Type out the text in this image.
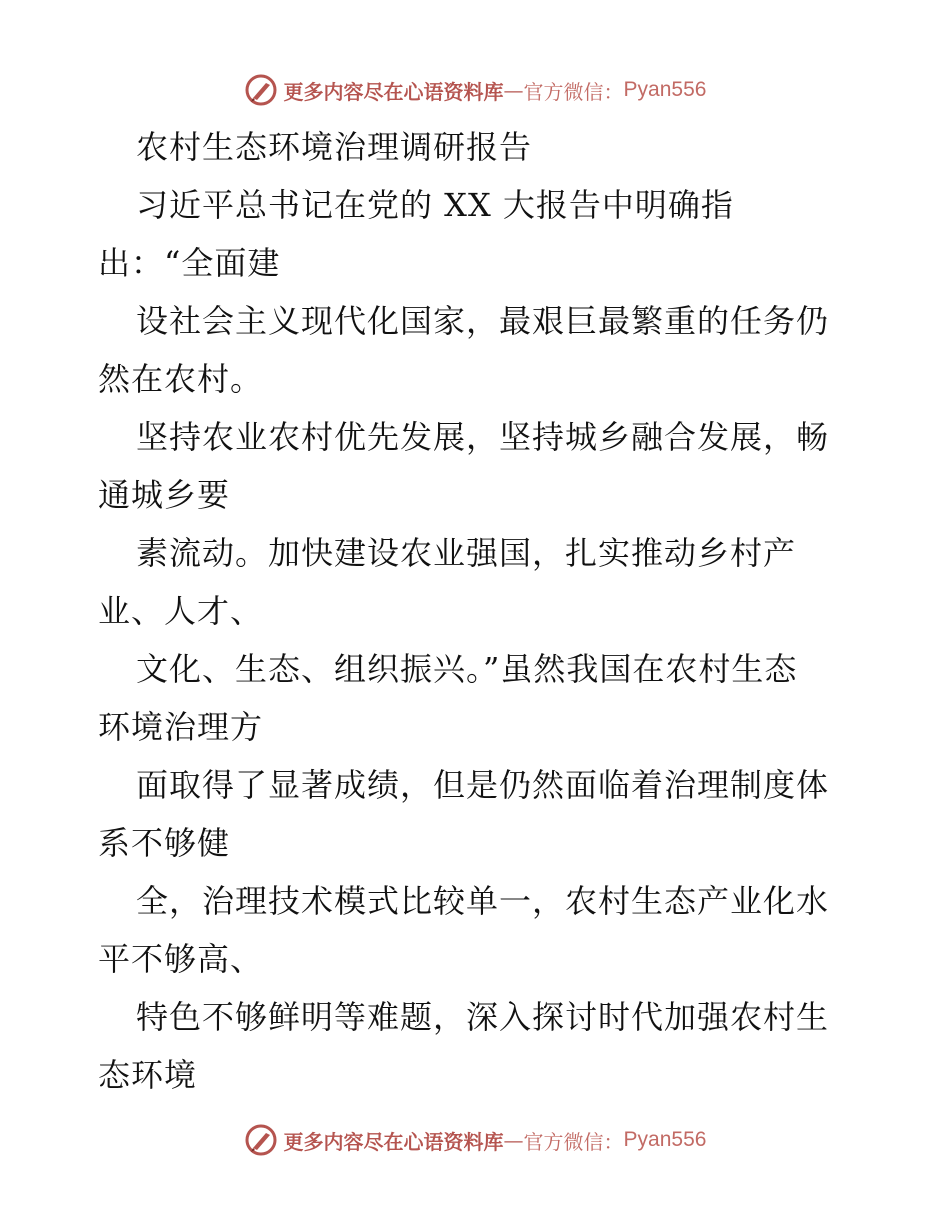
更多内容尽在心语资料库 — 官方微信： Pyan556
农村生态环境治理调研报告
习近平总书记在党的 XX 大报告中明确指
出：“全面建
设社会主义现代化国家，最艰巨最繁重的任务仍
然在农村。
坚持农业农村优先发展，坚持城乡融合发展，畅
通城乡要
素流动。加快建设农业强国，扎实推动乡村产
业、人才、
文化、生态、组织振兴。”虽然我国在农村生态
环境治理方
面取得了显著成绩，但是仍然面临着治理制度体
系不够健
全，治理技术模式比较单一，农村生态产业化水
平不够高、
特色不够鲜明等难题，深入探讨时代加强农村生
态环境
更多内容尽在心语资料库 — 官方微信： Pyan556
